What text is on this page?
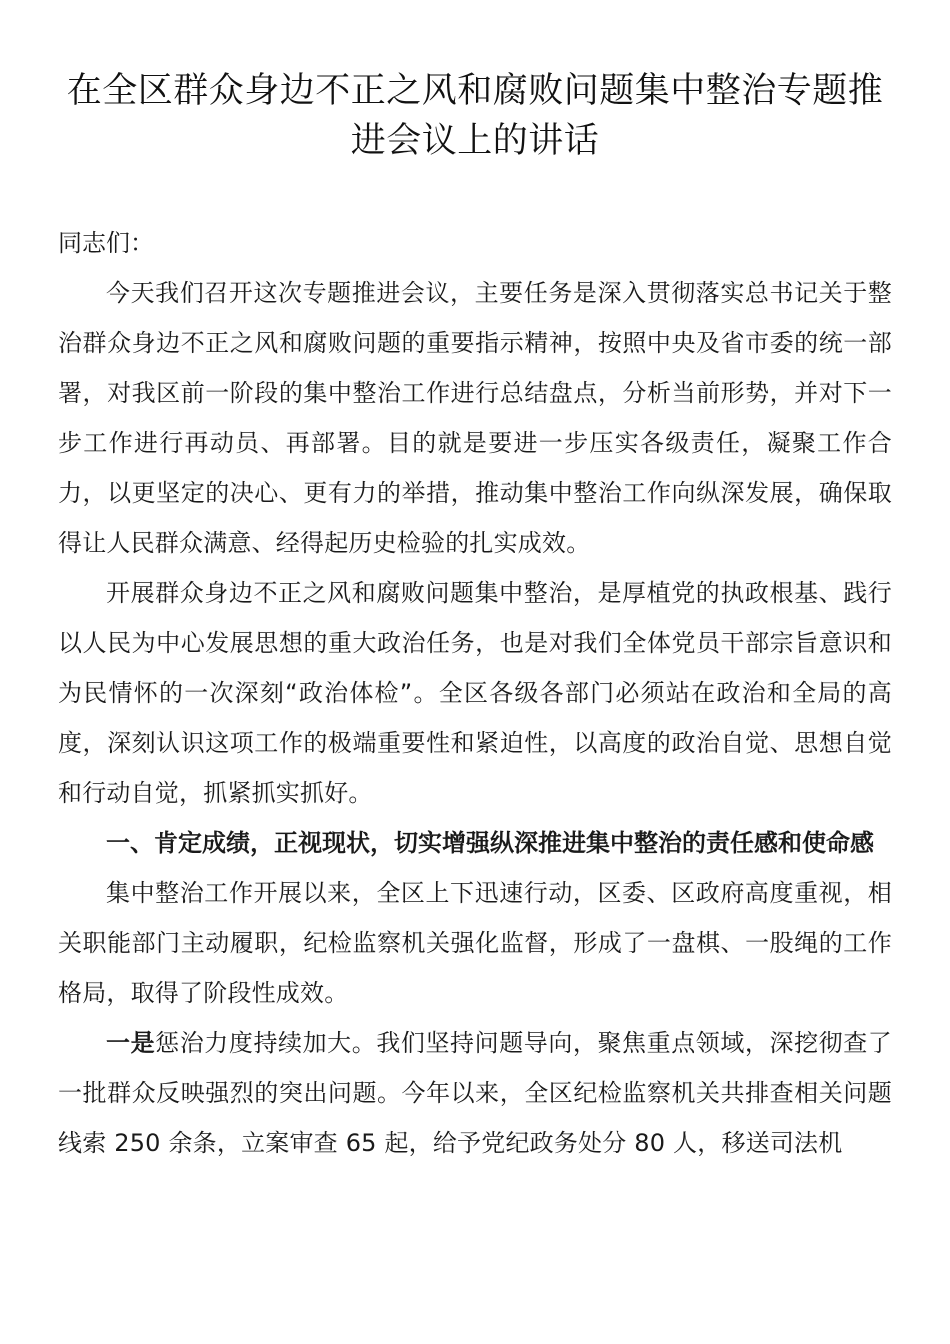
在全区群众身边不正之风和腐败问题集中整治专题推进会议上的讲话

同志们：

今天我们召开这次专题推进会议，主要任务是深入贯彻落实总书记关于整治群众身边不正之风和腐败问题的重要指示精神，按照中央及省市委的统一部署，对我区前一阶段的集中整治工作进行总结盘点，分析当前形势，并对下一步工作进行再动员、再部署。目的就是要进一步压实各级责任，凝聚工作合力，以更坚定的决心、更有力的举措，推动集中整治工作向纵深发展，确保取得让人民群众满意、经得起历史检验的扎实成效。

开展群众身边不正之风和腐败问题集中整治，是厚植党的执政根基、践行以人民为中心发展思想的重大政治任务，也是对我们全体党员干部宗旨意识和为民情怀的一次深刻“政治体检”。全区各级各部门必须站在政治和全局的高度，深刻认识这项工作的极端重要性和紧迫性，以高度的政治自觉、思想自觉和行动自觉，抓紧抓实抓好。

一、肯定成绩，正视现状，切实增强纵深推进集中整治的责任感和使命感

集中整治工作开展以来，全区上下迅速行动，区委、区政府高度重视，相关职能部门主动履职，纪检监察机关强化监督，形成了一盘棋、一股绳的工作格局，取得了阶段性成效。

一是惩治力度持续加大。我们坚持问题导向，聚焦重点领域，深挖彻查了一批群众反映强烈的突出问题。今年以来，全区纪检监察机关共排查相关问题线索 250 余条，立案审查 65 起，给予党纪政务处分 80 人，移送司法机
